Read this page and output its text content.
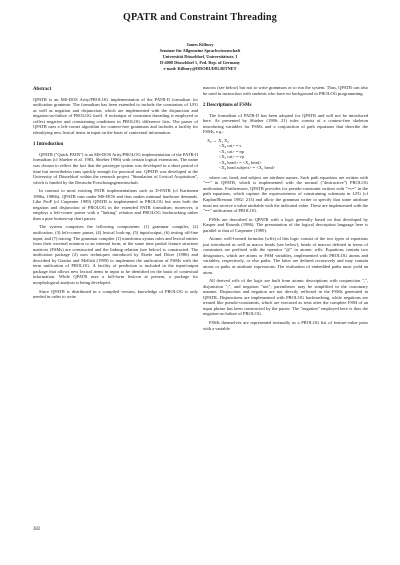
QPATR and Constraint Threading
James Kilbury
Seminar für Allgemeine Sprachwissenschaft
Universität Düsseldorf, Universitätsstr. 1
D-4000 Düsseldorf 1, Fed. Rep. of Germany
e-mail: Kilbury@DDORUD81.BITNET
Abstract

QPATR is an MS-DOS Arity/PROLOG implementation of the PATR-II formalism for unification grammar. The formalism has been extended to include the constraints of LFG as well as negation and disjunction, which are implemented with the disjunction and negation-as-failure of PROLOG itself. A technique of constraint threading is employed to collect negative and constraining conditions in PROLOG difference lists. The parser of QPATR uses a left-corner algorithm for context-free grammars and includes a facility for identifying new lexical items in input on the basis of contextual information.

1 Introduction

QPATR ("Quick PATR") is an MS-DOS Arity/PROLOG implementation of the PATR-II formalism (cf Shieber et al. 1983, Shieber 1986) with certain logical extensions. The name was chosen to reflect the fact that the prototype system was developed in a short period of time but nevertheless runs quickly enough for practical use. QPATR was developed at the University of Düsseldorf within the research project "Simulation of Lexical Acquisition", which is funded by the Deutsche Forschungsgemeinschaft.

In contrast to most existing PATR implementations such as D-PATR (cf Karttunen 1986a, 1986b), QPATR runs under MS-DOS and thus makes minimal hardware demands. Like ProP (cf Carpenter 1989) QPATR is implemented in PROLOG but uses both the negation and disjunction of PROLOG in the extended PATR formalism; moreover, it employs a left-corner parser with a "linking" relation and PROLOG backtracking rather than a pure bottom-up chart parser.

The system comprises the following components: (1) grammar compiler, (2) unification, (3) left-corner parser, (4) lexical look-up, (5) input/output, (6) testing off-line input, and (7) tracing. The grammar compiler (1) transforms syntax rules and lexical entries from their external notation to an internal form; at the same time partial feature structure matrices (FSMs) are constructed and the linking relation (see below) is constructed. The unification package (2) uses techniques introduced by Eisele and Dörre (1986) and described by Gazdar and Mellish (1989) to implement the unification of FSMs with the term unification of PROLOG. A facility of prediction is included in the input/output package that allows new lexical items in input to be identified on the basis of contextual information. While QPATR uses a full-form lexicon at present, a package for morphological analysis is being developed.

Since QPATR is distributed in a compiled version, knowledge of PROLOG is only needed in order to write

macros (see below) but not to write grammars or to run the system. Thus, QPATR can also be used in instruction with students who have no background in PROLOG programming.

2 Descriptions of FSMs

The formalism of PATR-II has been adopted for QPATR and will not be introduced here. As presented by Shieber (1986: 21) rules consist of a context-free skeleton introducing variables for FSMs and a conjunction of path equations that describe the FSMs, e.g.:

X₀ → X₁ X₂
<X₀ cat> = s
<X₁ cat> = np
<X₂ cat> = vp
<X₀ head> = <X₂ head>
<X₀ head subject> = <X₁ head>

where cat, head, and subject are attribute names. Such path equations are written with "==" in QPATR, which is implemented with the normal ("destructive") PROLOG unification. Furthermore, QPATR provides for pseudo-constraint written with "=c=" in the path equations, which capture the expressiveness of constraining schemata in LFG (cf Kaplan/Bresnan 1982: 213) and allow the grammar writer to specify that some attribute must not receive a value unifiable with the indicated value. These are implemented with the "==" unification of PROLOG.

FSMs are described in QPATR with a logic generally based on that developed by Kasper and Rounds (1986). The presentation of the logical description language here is parallel to that of Carpenter (1989).

Atomic well-formed formulas (wffs) of this logic consist of the two types of equations just introduced as well as macro heads (see below); heads of macros defined in terms of constraints are prefixed with the operator "@" in atomic wffs. Equations contain two designators, which are atoms or FSM variables, implemented with PROLOG atoms and variables, respectively, or else paths. The latter are defined recursively and may contain atoms or paths as attribute expressions. The evaluation of embedded paths must yield an atom.

All derived wffs of the logic are built from atomic descriptions with conjunction ",", disjunction ";", and negation "not"; parentheses may be simplified in the customary manner. Disjunction and negation are not directly reflected in the FSMs generated in QPATR. Disjunctions are implemented with PROLOG backtracking, while negations are treated like pseudo-constraints, which are executed as tests after the complete FSM of an input phrase has been constructed by the parser. The "negation" employed here is thus the negation-as-failure of PROLOG.

FSMs themselves are represented internally as a PROLOG list of feature-value pairs with a variable

382
